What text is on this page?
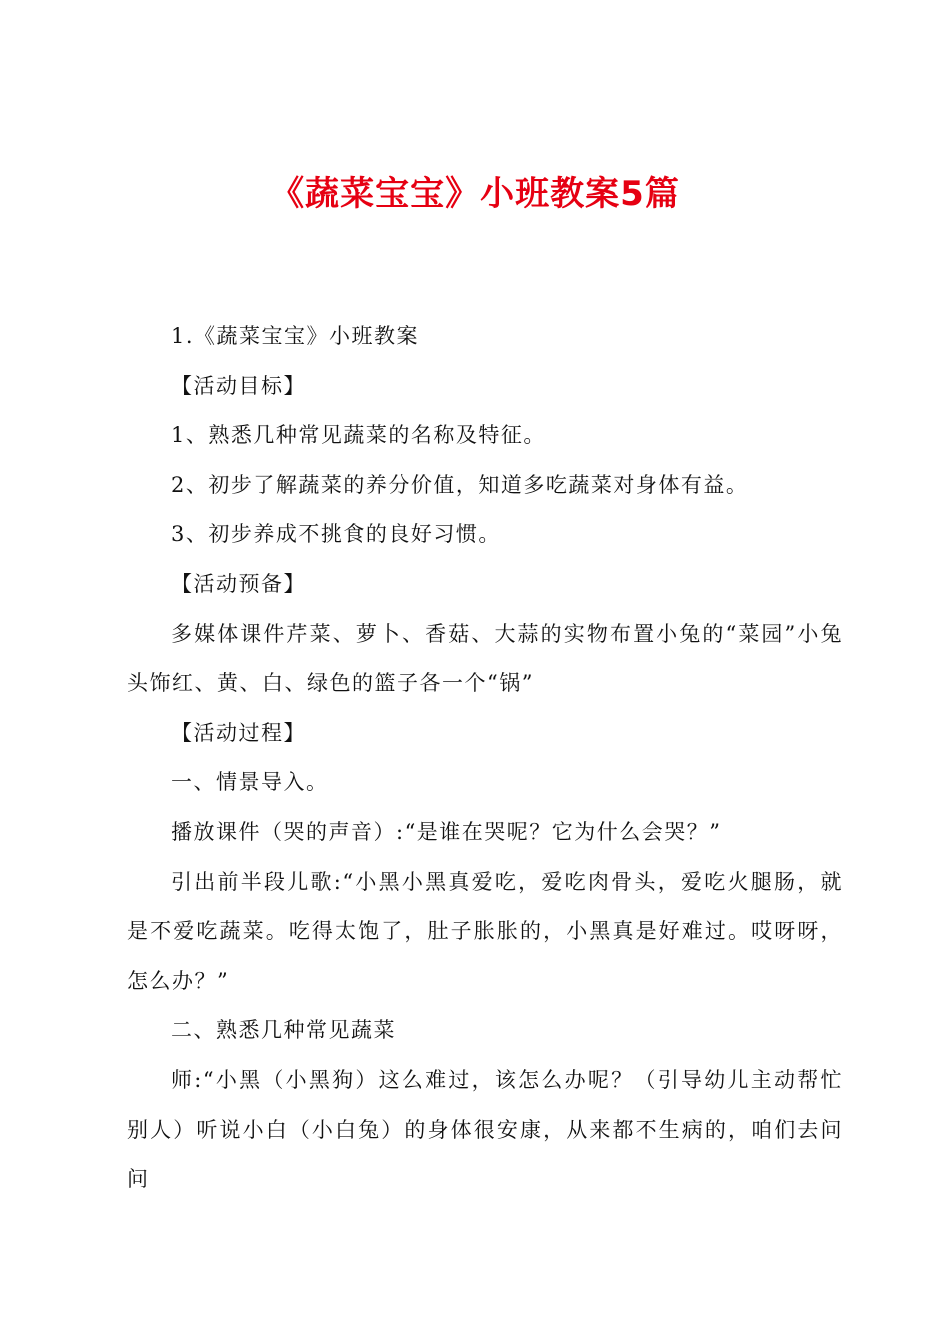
《蔬菜宝宝》小班教案5篇

1.《蔬菜宝宝》小班教案

【活动目标】

1、熟悉几种常见蔬菜的名称及特征。

2、初步了解蔬菜的养分价值，知道多吃蔬菜对身体有益。

3、初步养成不挑食的良好习惯。

【活动预备】

多媒体课件芹菜、萝卜、香菇、大蒜的实物布置小兔的“菜园”小兔头饰红、黄、白、绿色的篮子各一个“锅”

【活动过程】

一、情景导入。

播放课件（哭的声音）:“是谁在哭呢？它为什么会哭？”

引出前半段儿歌:“小黑小黑真爱吃，爱吃肉骨头，爱吃火腿肠，就是不爱吃蔬菜。吃得太饱了，肚子胀胀的，小黑真是好难过。哎呀呀，怎么办？”

二、熟悉几种常见蔬菜

师:“小黑（小黑狗）这么难过，该怎么办呢？（引导幼儿主动帮忙别人）听说小白（小白兔）的身体很安康，从来都不生病的，咱们去问问
